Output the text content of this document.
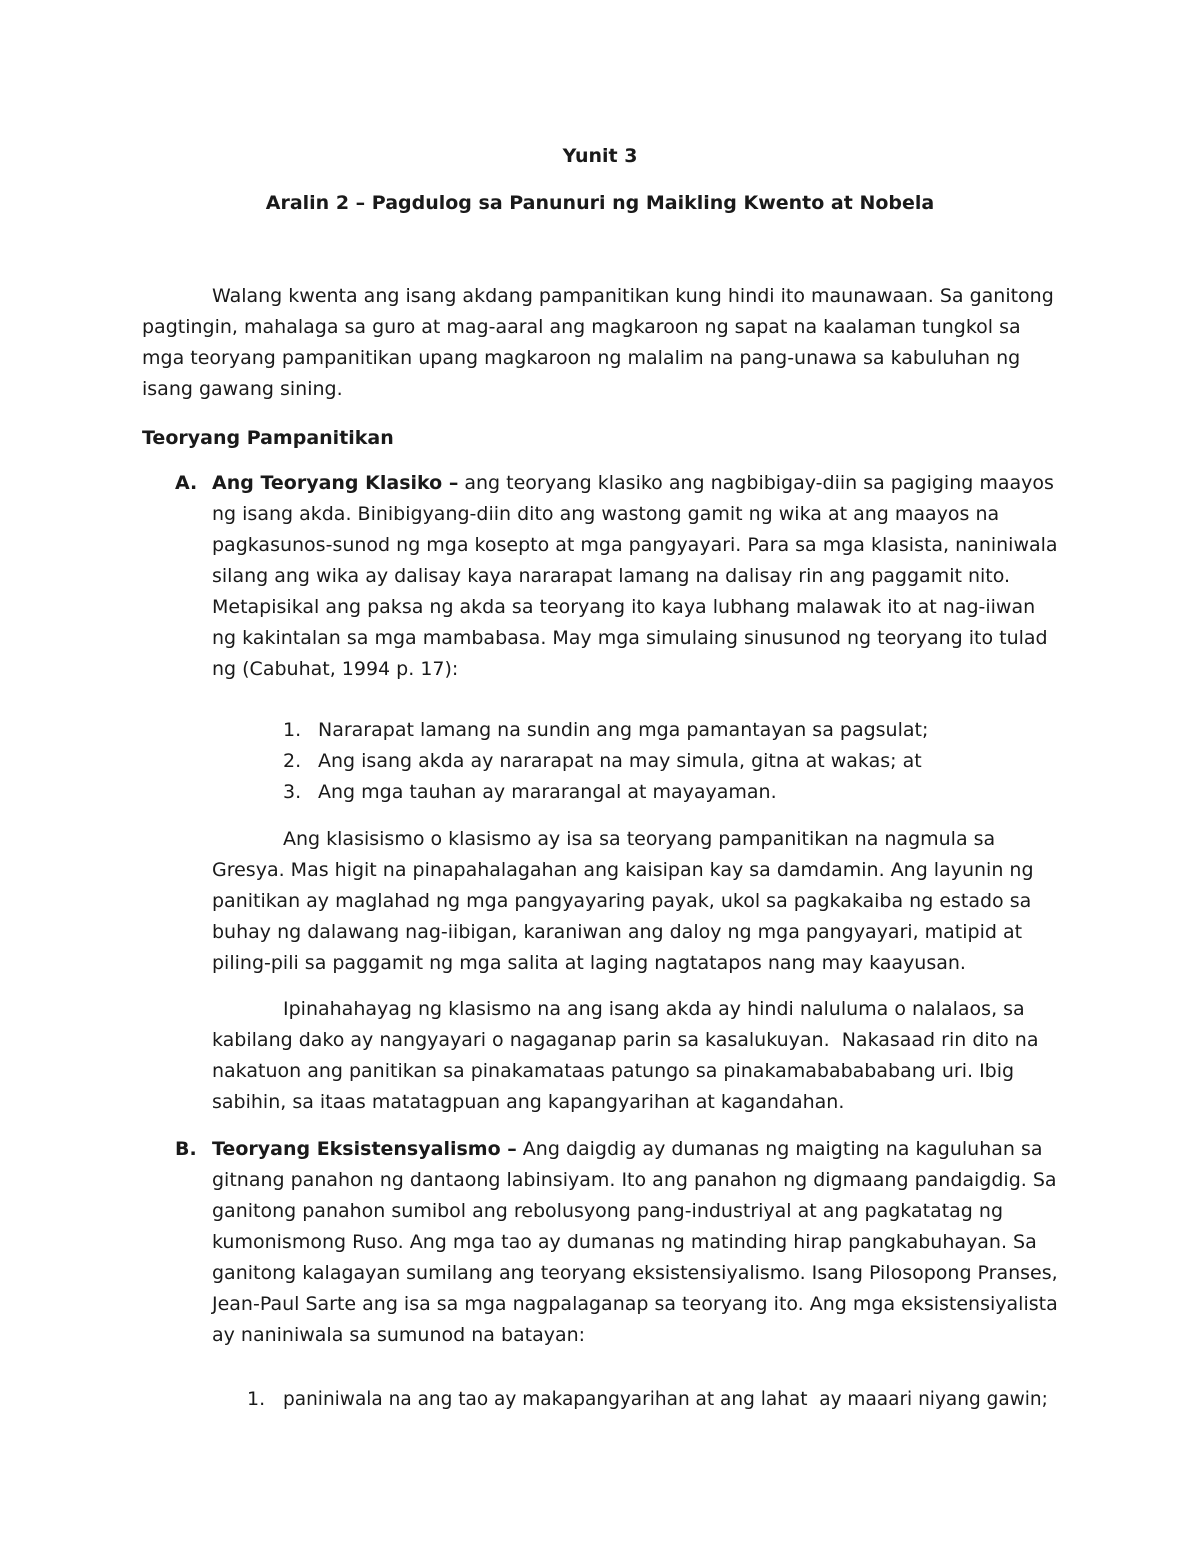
Yunit 3

Aralin 2 – Pagdulog sa Panunuri ng Maikling Kwento at Nobela

Walang kwenta ang isang akdang pampanitikan kung hindi ito maunawaan. Sa ganitong

pagtingin, mahalaga sa guro at mag-aaral ang magkaroon ng sapat na kaalaman tungkol sa

mga teoryang pampanitikan upang magkaroon ng malalim na pang-unawa sa kabuluhan ng

isang gawang sining.

Teoryang Pampanitikan

A. Ang Teoryang Klasiko – ang teoryang klasiko ang nagbibigay-diin sa pagiging maayos

ng isang akda. Binibigyang-diin dito ang wastong gamit ng wika at ang maayos na

pagkasunos-sunod ng mga kosepto at mga pangyayari. Para sa mga klasista, naniniwala

silang ang wika ay dalisay kaya nararapat lamang na dalisay rin ang paggamit nito.

Metapisikal ang paksa ng akda sa teoryang ito kaya lubhang malawak ito at nag-iiwan

ng kakintalan sa mga mambabasa. May mga simulaing sinusunod ng teoryang ito tulad

ng (Cabuhat, 1994 p. 17):

1. Nararapat lamang na sundin ang mga pamantayan sa pagsulat;

2. Ang isang akda ay nararapat na may simula, gitna at wakas; at

3. Ang mga tauhan ay mararangal at mayayaman.

Ang klasisismo o klasismo ay isa sa teoryang pampanitikan na nagmula sa

Gresya. Mas higit na pinapahalagahan ang kaisipan kay sa damdamin. Ang layunin ng

panitikan ay maglahad ng mga pangyayaring payak, ukol sa pagkakaiba ng estado sa

buhay ng dalawang nag-iibigan, karaniwan ang daloy ng mga pangyayari, matipid at

piling-pili sa paggamit ng mga salita at laging nagtatapos nang may kaayusan.

Ipinahahayag ng klasismo na ang isang akda ay hindi naluluma o nalalaos, sa

kabilang dako ay nangyayari o nagaganap parin sa kasalukuyan.  Nakasaad rin dito na

nakatuon ang panitikan sa pinakamataas patungo sa pinakamababababang uri. Ibig

sabihin, sa itaas matatagpuan ang kapangyarihan at kagandahan.

B. Teoryang Eksistensyalismo – Ang daigdig ay dumanas ng maigting na kaguluhan sa

gitnang panahon ng dantaong labinsiyam. Ito ang panahon ng digmaang pandaigdig. Sa

ganitong panahon sumibol ang rebolusyong pang-industriyal at ang pagkatatag ng

kumonismong Ruso. Ang mga tao ay dumanas ng matinding hirap pangkabuhayan. Sa

ganitong kalagayan sumilang ang teoryang eksistensiyalismo. Isang Pilosopong Pranses,

Jean-Paul Sarte ang isa sa mga nagpalaganap sa teoryang ito. Ang mga eksistensiyalista

ay naniniwala sa sumunod na batayan:

1. paniniwala na ang tao ay makapangyarihan at ang lahat  ay maaari niyang gawin;
